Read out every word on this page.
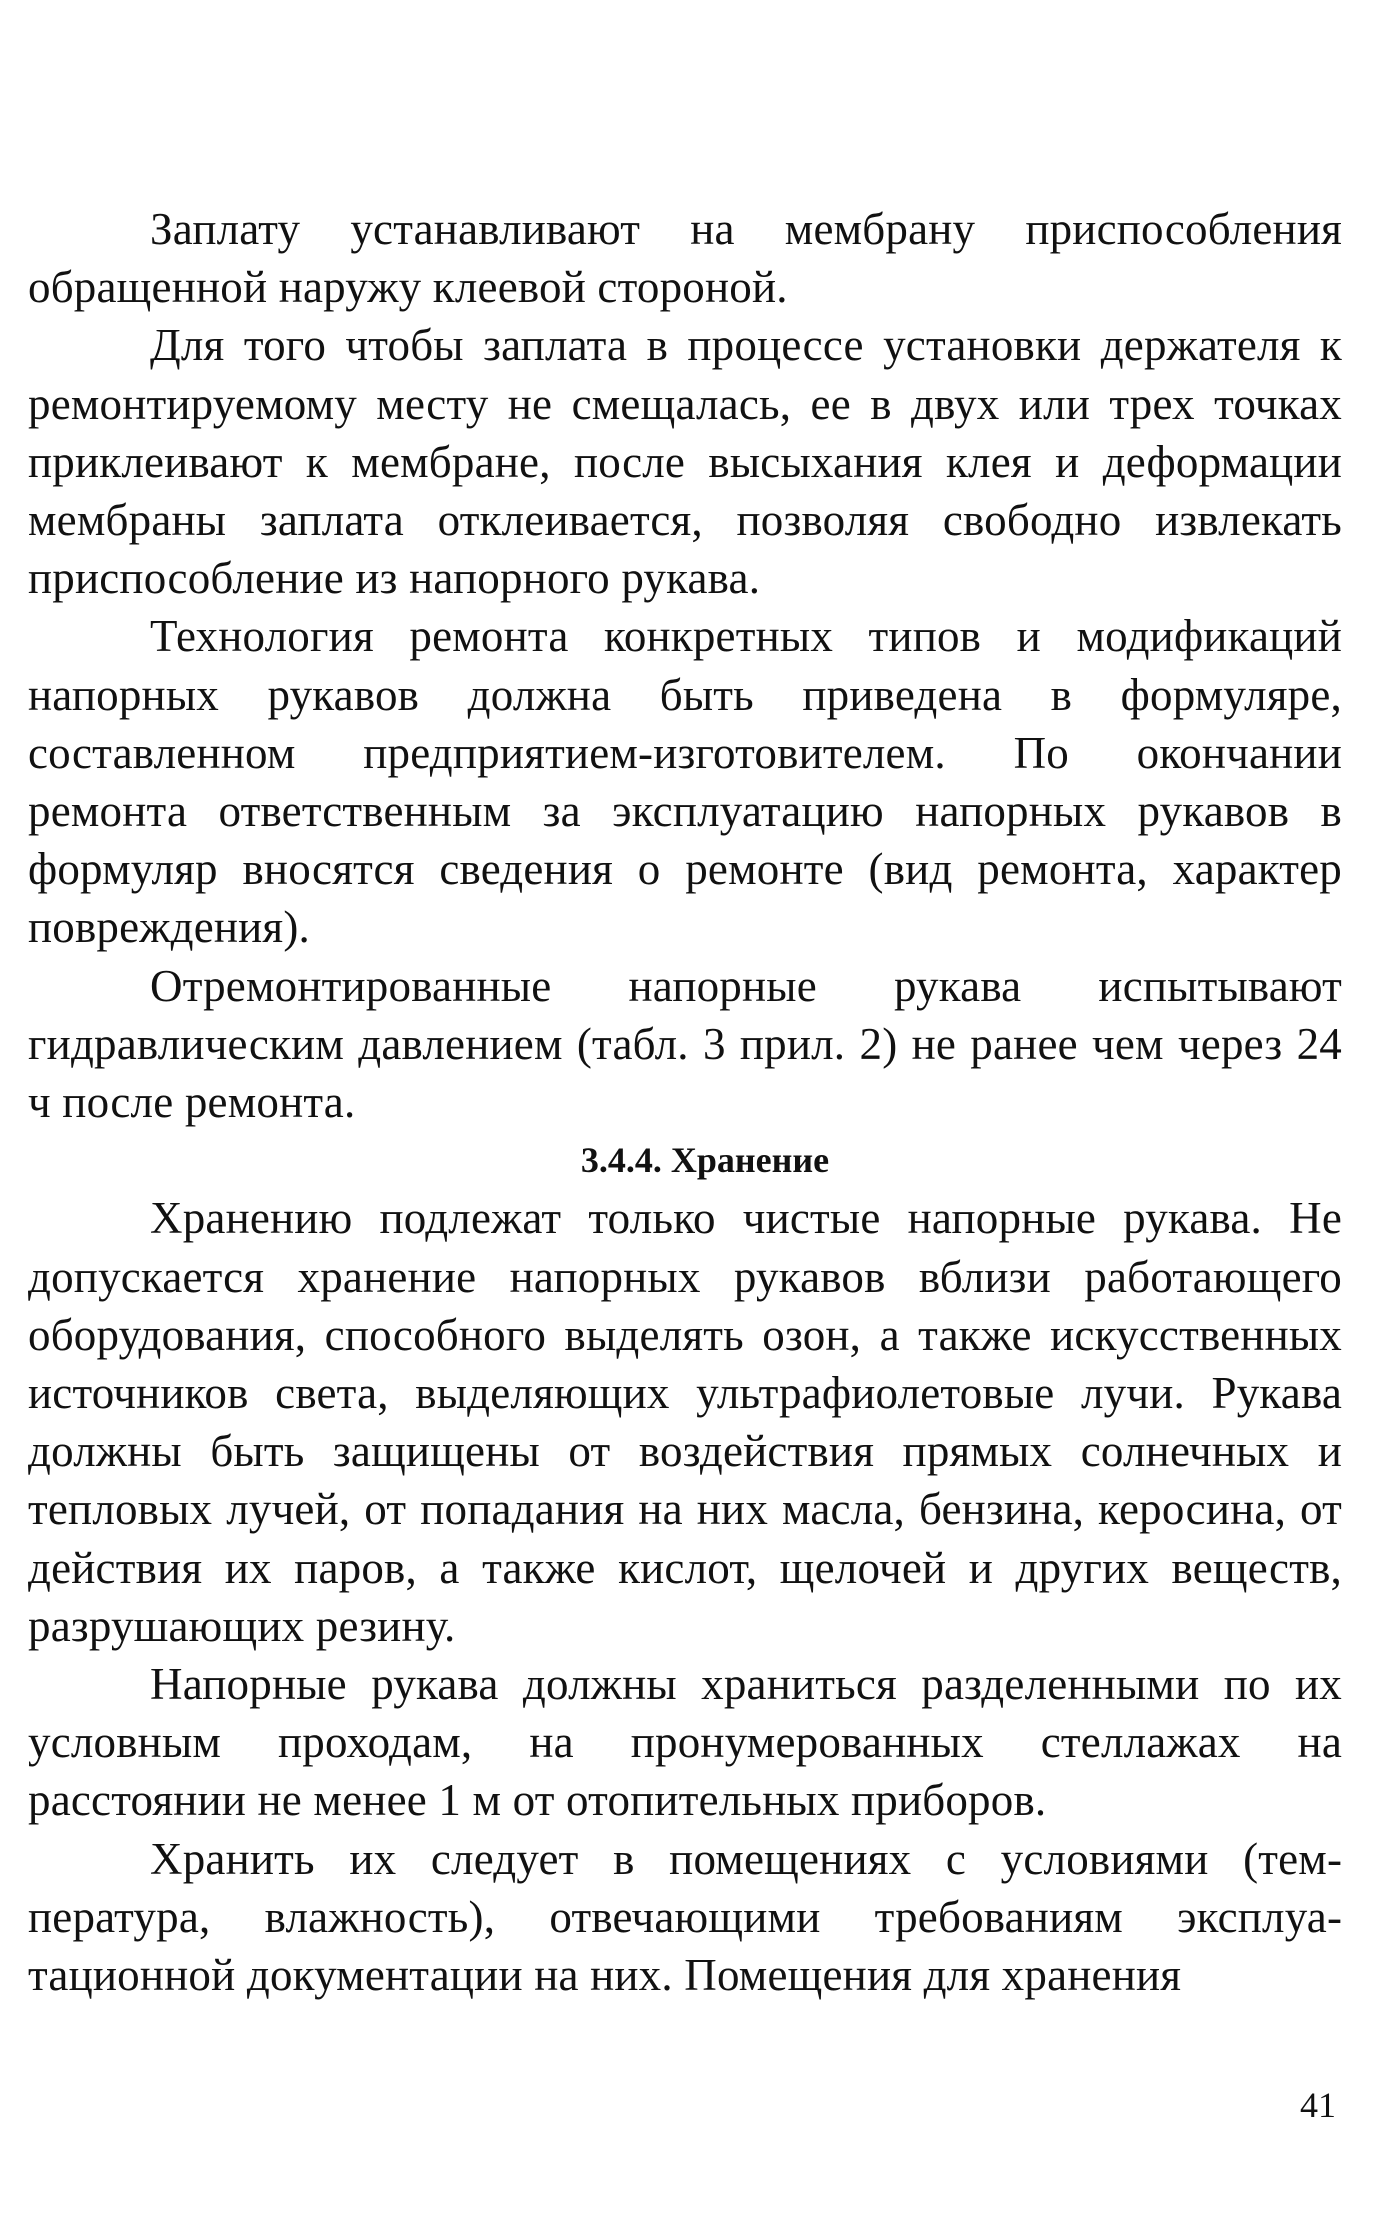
Заплату устанавливают на мембрану приспособления обращенной наружу клеевой стороной.

Для того чтобы заплата в процессе установки держателя к ремонтируемому месту не смещалась, ее в двух или трех точках приклеивают к мембране, после высыхания клея и деформации мембраны заплата отклеивается, позволяя свободно извлекать приспособление из напорного рукава.

Технология ремонта конкретных типов и модификаций напорных рукавов должна быть приведена в формуляре, составленном предприятием-изготовителем. По окончании ремонта ответственным за эксплуатацию напорных рукавов в формуляр вносятся сведения о ремонте (вид ремонта, характер повреждения).

Отремонтированные напорные рукава испытывают гидравлическим давлением (табл. 3 прил. 2) не ранее чем через 24 ч после ремонта.

3.4.4. Хранение

Хранению подлежат только чистые напорные рукава. Не допускается хранение напорных рукавов вблизи работающего оборудования, способного выделять озон, а также искусственных источников света, выделяющих ультрафиолетовые лучи. Рукава должны быть защищены от воздействия прямых солнечных и тепловых лучей, от попадания на них масла, бензина, керосина, от действия их паров, а также кислот, щелочей и других веществ, разрушающих резину.

Напорные рукава должны храниться разделенными по их условным проходам, на пронумерованных стеллажах на расстоянии не менее 1 м от отопительных приборов.

Хранить их следует в помещениях с условиями (температура, влажность), отвечающими требованиям эксплуатационной документации на них. Помещения для хранения

41
